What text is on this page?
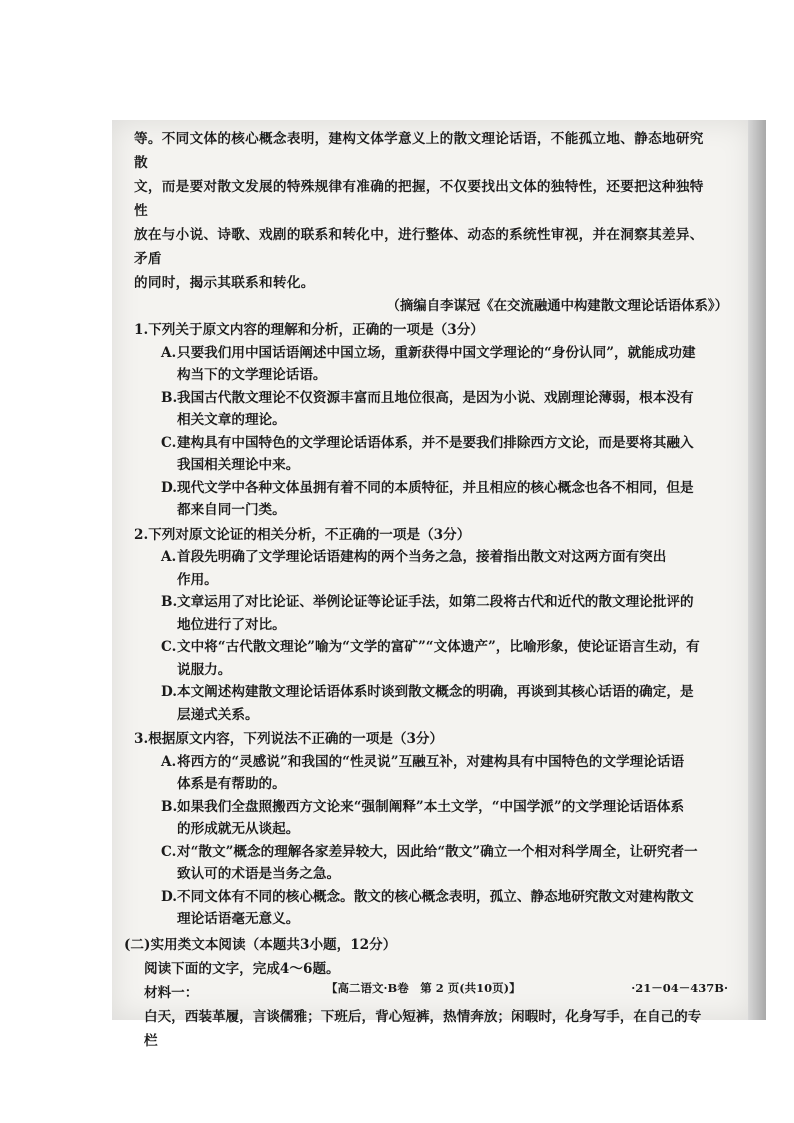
等。不同文体的核心概念表明，建构文体学意义上的散文理论话语，不能孤立地、静态地研究散

文，而是要对散文发展的特殊规律有准确的把握，不仅要找出文体的独特性，还要把这种独特性

放在与小说、诗歌、戏剧的联系和转化中，进行整体、动态的系统性审视，并在洞察其差异、矛盾

的同时，揭示其联系和转化。

（摘编自李谋冠《在交流融通中构建散文理论话语体系》）

1.下列关于原文内容的理解和分析，正确的一项是（3分）

A. 只要我们用中国话语阐述中国立场，重新获得中国文学理论的“身份认同”，就能成功建
构当下的文学理论话语。
B. 我国古代散文理论不仅资源丰富而且地位很高，是因为小说、戏剧理论薄弱，根本没有
相关文章的理论。
C. 建构具有中国特色的文学理论话语体系，并不是要我们排除西方文论，而是要将其融入
我国相关理论中来。
D. 现代文学中各种文体虽拥有着不同的本质特征，并且相应的核心概念也各不相同，但是
都来自同一门类。

2.下列对原文论证的相关分析，不正确的一项是（3分）

A. 首段先明确了文学理论话语建构的两个当务之急，接着指出散文对这两方面有突出
作用。
B. 文章运用了对比论证、举例论证等论证手法，如第二段将古代和近代的散文理论批评的
地位进行了对比。
C. 文中将“古代散文理论”喻为“文学的富矿”“文体遗产”，比喻形象，使论证语言生动，有
说服力。
D. 本文阐述构建散文理论话语体系时谈到散文概念的明确，再谈到其核心话语的确定，是
层递式关系。

3.根据原文内容，下列说法不正确的一项是（3分）

A. 将西方的“灵感说”和我国的“性灵说”互融互补，对建构具有中国特色的文学理论话语
体系是有帮助的。
B. 如果我们全盘照搬西方文论来“强制阐释”本土文学，“中国学派”的文学理论话语体系
的形成就无从谈起。
C. 对“散文”概念的理解各家差异较大，因此给“散文”确立一个相对科学周全，让研究者一
致认可的术语是当务之急。
D. 不同文体有不同的核心概念。散文的核心概念表明，孤立、静态地研究散文对建构散文
理论话语毫无意义。

(二)实用类文本阅读（本题共3小题，12分）

阅读下面的文字，完成4～6题。

材料一：

白天，西装革履，言谈儒雅；下班后，背心短裤，热情奔放；闲暇时，化身写手，在自己的专栏

【高二语文·B卷　第 2 页(共10页)】	·21－04－437B·
